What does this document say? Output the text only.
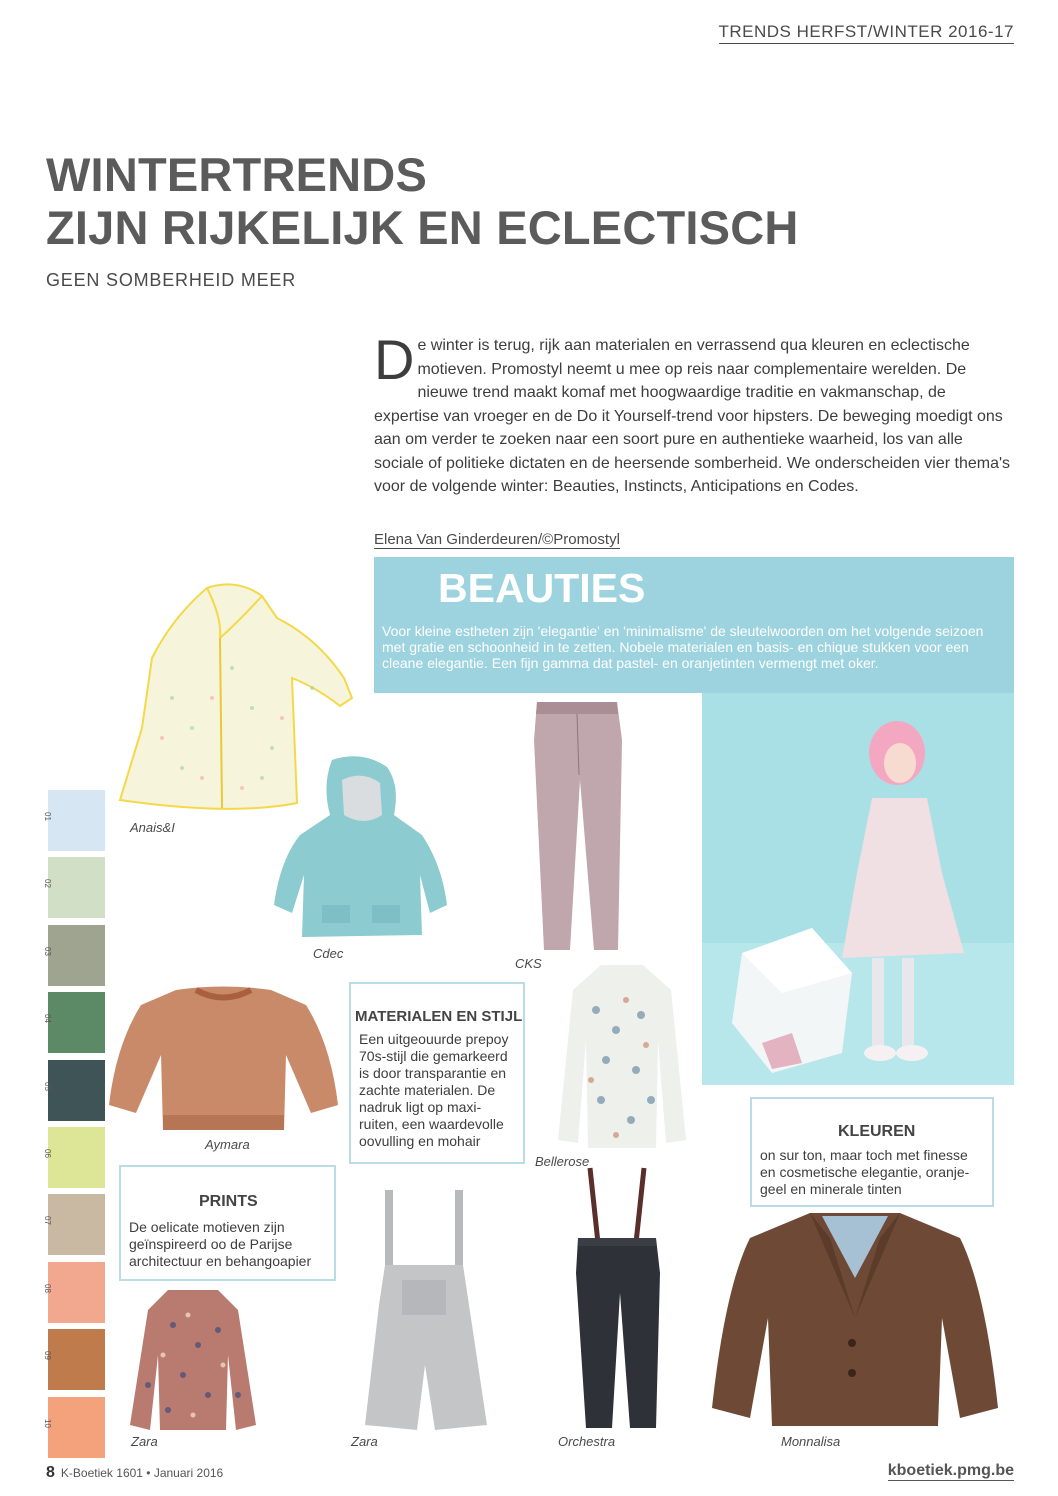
TRENDS HERFST/WINTER 2016-17
WINTERTRENDS
ZIJN RIJKELIJK EN ECLECTISCH
GEEN SOMBERHEID MEER
De winter is terug, rijk aan materialen en verrassend qua kleuren en eclectische motieven. Promostyl neemt u mee op reis naar complementaire werelden. De nieuwe trend maakt komaf met hoogwaardige traditie en vakmanschap, de expertise van vroeger en de Do it Yourself-trend voor hipsters. De beweging moedigt ons aan om verder te zoeken naar een soort pure en authentieke waarheid, los van alle sociale of politieke dictaten en de heersende somberheid. We onderscheiden vier thema's voor de volgende winter: Beauties, Instincts, Anticipations en Codes.
Elena Van Ginderdeuren/©Promostyl
BEAUTIES
Voor kleine estheten zijn 'elegantie' en 'minimalisme' de sleutelwoorden om het volgende seizoen met gratie en schoonheid in te zetten. Nobele materialen en basis- en chique stukken voor een cleane elegantie. Een fijn gamma dat pastel- en oranjetinten vermengt met oker.
Anais&I
01
02
03
04
05
06
07
08
09
10
Cdec
CKS
MATERIALEN EN STIJL
Een uitgeouurde prepoy 70s-stijl die gemarkeerd is door transparantie en zachte materialen. De nadruk ligt op maxi-ruiten, een waardevolle oovulling en mohair
Aymara
Bellerose
KLEUREN
on sur ton, maar toch met finesse en cosmetische elegantie, oranje-geel en minerale tinten
PRINTS
De oelicate motieven zijn geïnspireerd oo de Parijse architectuur en behangoapier
Zara	Zara	Orchestra	Monnalisa
8 K-Boetiek 1601 • Januari 2016	kboetiek.pmg.be
